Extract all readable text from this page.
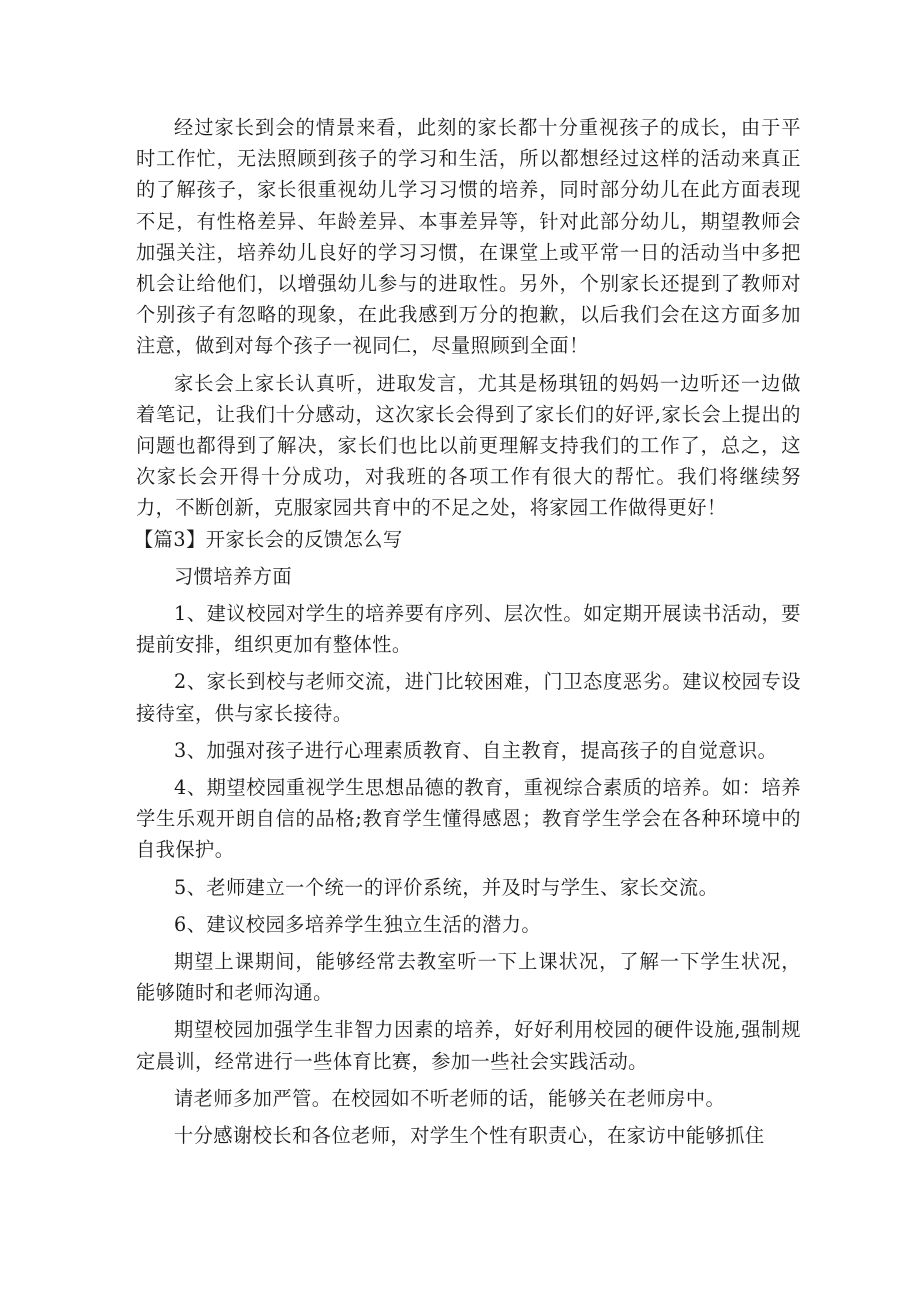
经过家长到会的情景来看，此刻的家长都十分重视孩子的成长，由于平时工作忙，无法照顾到孩子的学习和生活，所以都想经过这样的活动来真正的了解孩子，家长很重视幼儿学习习惯的培养，同时部分幼儿在此方面表现不足，有性格差异、年龄差异、本事差异等，针对此部分幼儿，期望教师会加强关注，培养幼儿良好的学习习惯，在课堂上或平常一日的活动当中多把机会让给他们，以增强幼儿参与的进取性。另外，个别家长还提到了教师对个别孩子有忽略的现象，在此我感到万分的抱歉，以后我们会在这方面多加注意，做到对每个孩子一视同仁，尽量照顾到全面！

家长会上家长认真听，进取发言，尤其是杨琪钮的妈妈一边听还一边做着笔记，让我们十分感动，这次家长会得到了家长们的好评,家长会上提出的问题也都得到了解决，家长们也比以前更理解支持我们的工作了，总之，这次家长会开得十分成功，对我班的各项工作有很大的帮忙。我们将继续努力，不断创新，克服家园共育中的不足之处，将家园工作做得更好！

【篇3】开家长会的反馈怎么写

习惯培养方面

1、建议校园对学生的培养要有序列、层次性。如定期开展读书活动，要提前安排，组织更加有整体性。

2、家长到校与老师交流，进门比较困难，门卫态度恶劣。建议校园专设接待室，供与家长接待。

3、加强对孩子进行心理素质教育、自主教育，提高孩子的自觉意识。

4、期望校园重视学生思想品德的教育，重视综合素质的培养。如：培养学生乐观开朗自信的品格;教育学生懂得感恩；教育学生学会在各种环境中的自我保护。

5、老师建立一个统一的评价系统，并及时与学生、家长交流。

6、建议校园多培养学生独立生活的潜力。

期望上课期间，能够经常去教室听一下上课状况，了解一下学生状况，能够随时和老师沟通。

期望校园加强学生非智力因素的培养，好好利用校园的硬件设施,强制规定晨训，经常进行一些体育比赛，参加一些社会实践活动。

请老师多加严管。在校园如不听老师的话，能够关在老师房中。

十分感谢校长和各位老师，对学生个性有职责心，在家访中能够抓住
